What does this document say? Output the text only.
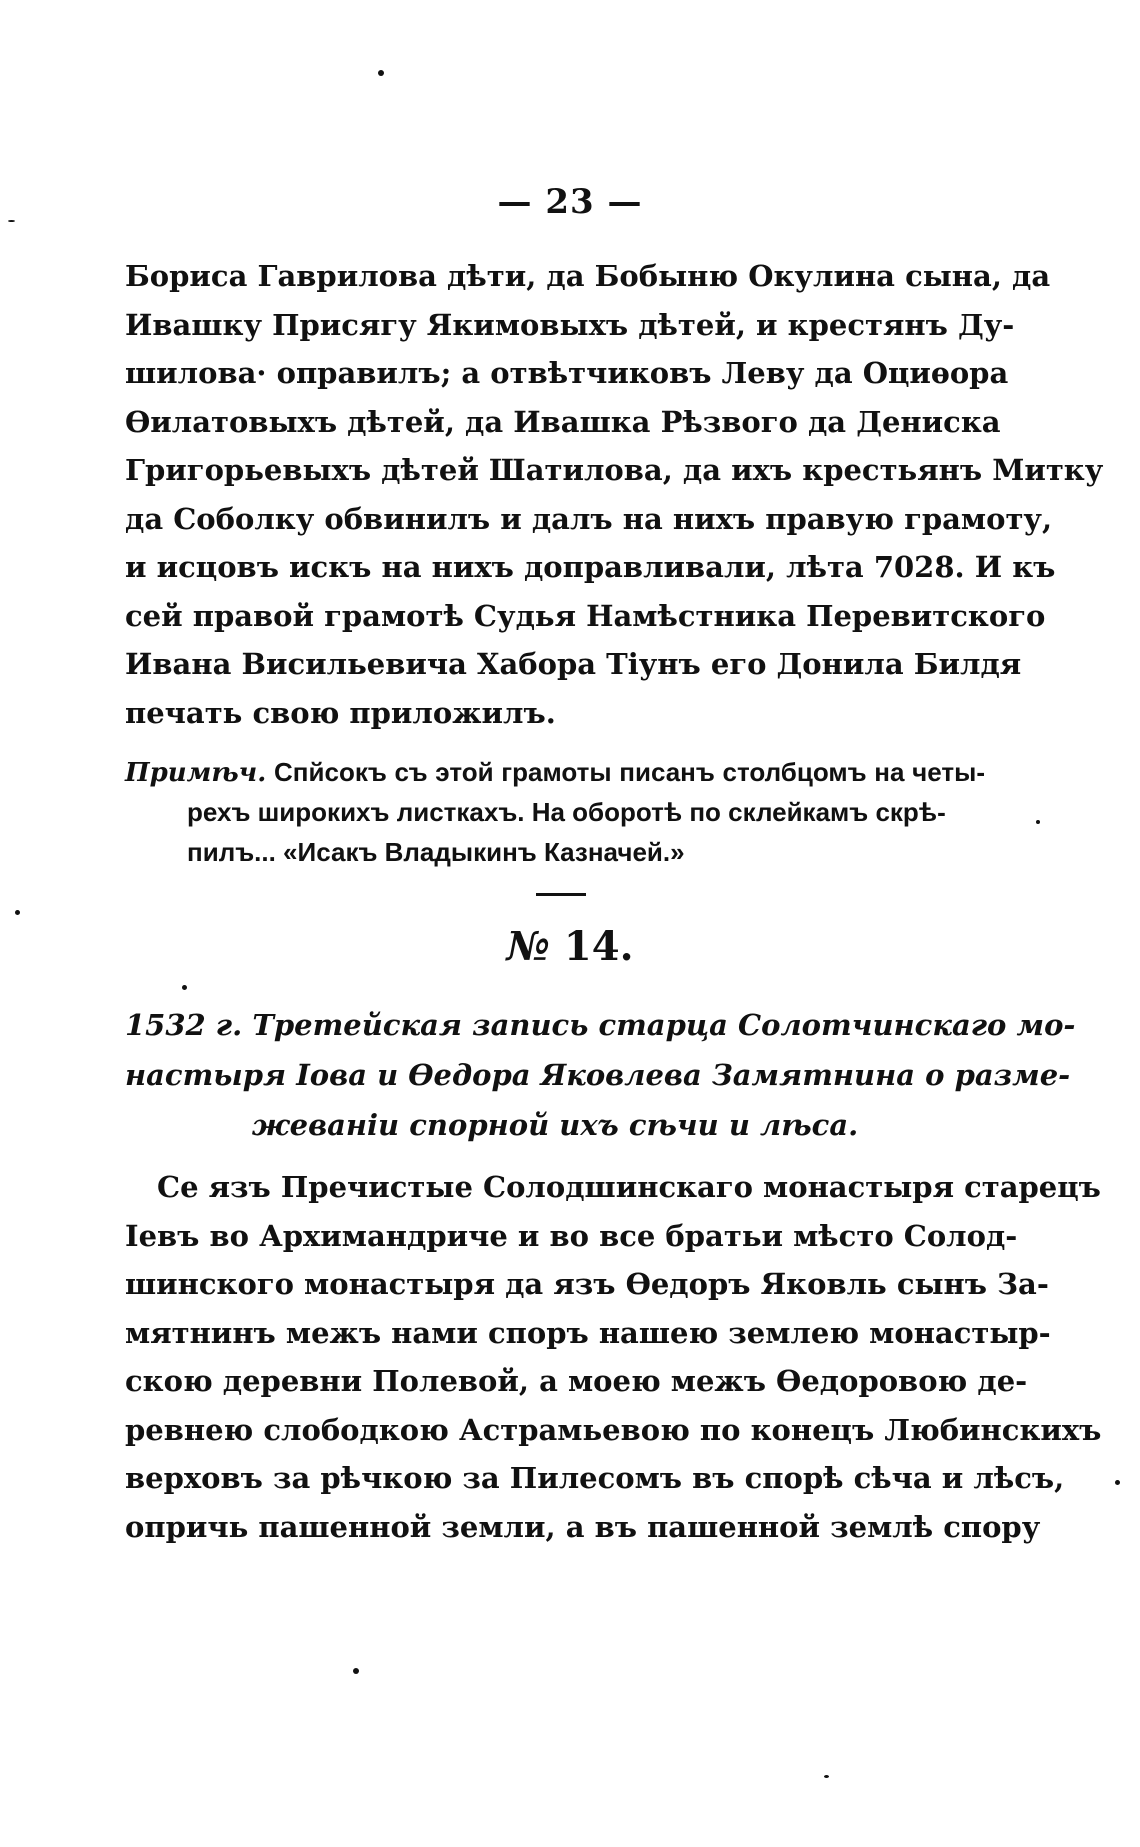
— 23 —
Бориса Гаврилова дѣти, да Бобыню Окулина сына, да
Ивашку Присягу Якимовыхъ дѣтей, и крестянъ Ду-
шилова· оправилъ; а отвѣтчиковъ Леву да Оциѳора
Ѳилатовыхъ дѣтей, да Ивашка Рѣзвого да Дениска
Григорьевыхъ дѣтей Шатилова, да ихъ крестьянъ Митку
да Соболку обвинилъ и далъ на нихъ правую грамоту,
и исцовъ искъ на нихъ доправливали, лѣта 7028. И къ
сей правой грамотѣ Судья Намѣстника Перевитского
Ивана Висильевича Хабора Тіунъ его Донила Билдя
печать свою приложилъ.
Примѣч. Спйсокъ съ этой грамоты писанъ столбцомъ на четы-
рехъ широкихъ листкахъ. На оборотѣ по склейкамъ скрѣ-
пилъ... «Исакъ Владыкинъ Казначей.»
№ 14.
1532 г. Третейская запись старца Солотчинскаго мо-
настыря Іова и Ѳедора Яковлева Замятнина о разме-
жеваніи спорной ихъ сѣчи и лѣса.
Се язъ Пречистые Солодшинскаго монастыря старецъ
Іевъ во Архимандриче и во все братьи мѣсто Солод-
шинского монастыря да язъ Ѳедоръ Яковль сынъ За-
мятнинъ межъ нами споръ нашею землею монастыр-
скою деревни Полевой, а моею межъ Ѳедоровою де-
ревнею слободкою Астрамьевою по конецъ Любинскихъ
верховъ за рѣчкою за Пилесомъ въ спорѣ сѣча и лѣсъ,
опричь пашенной земли, а въ пашенной землѣ спору
